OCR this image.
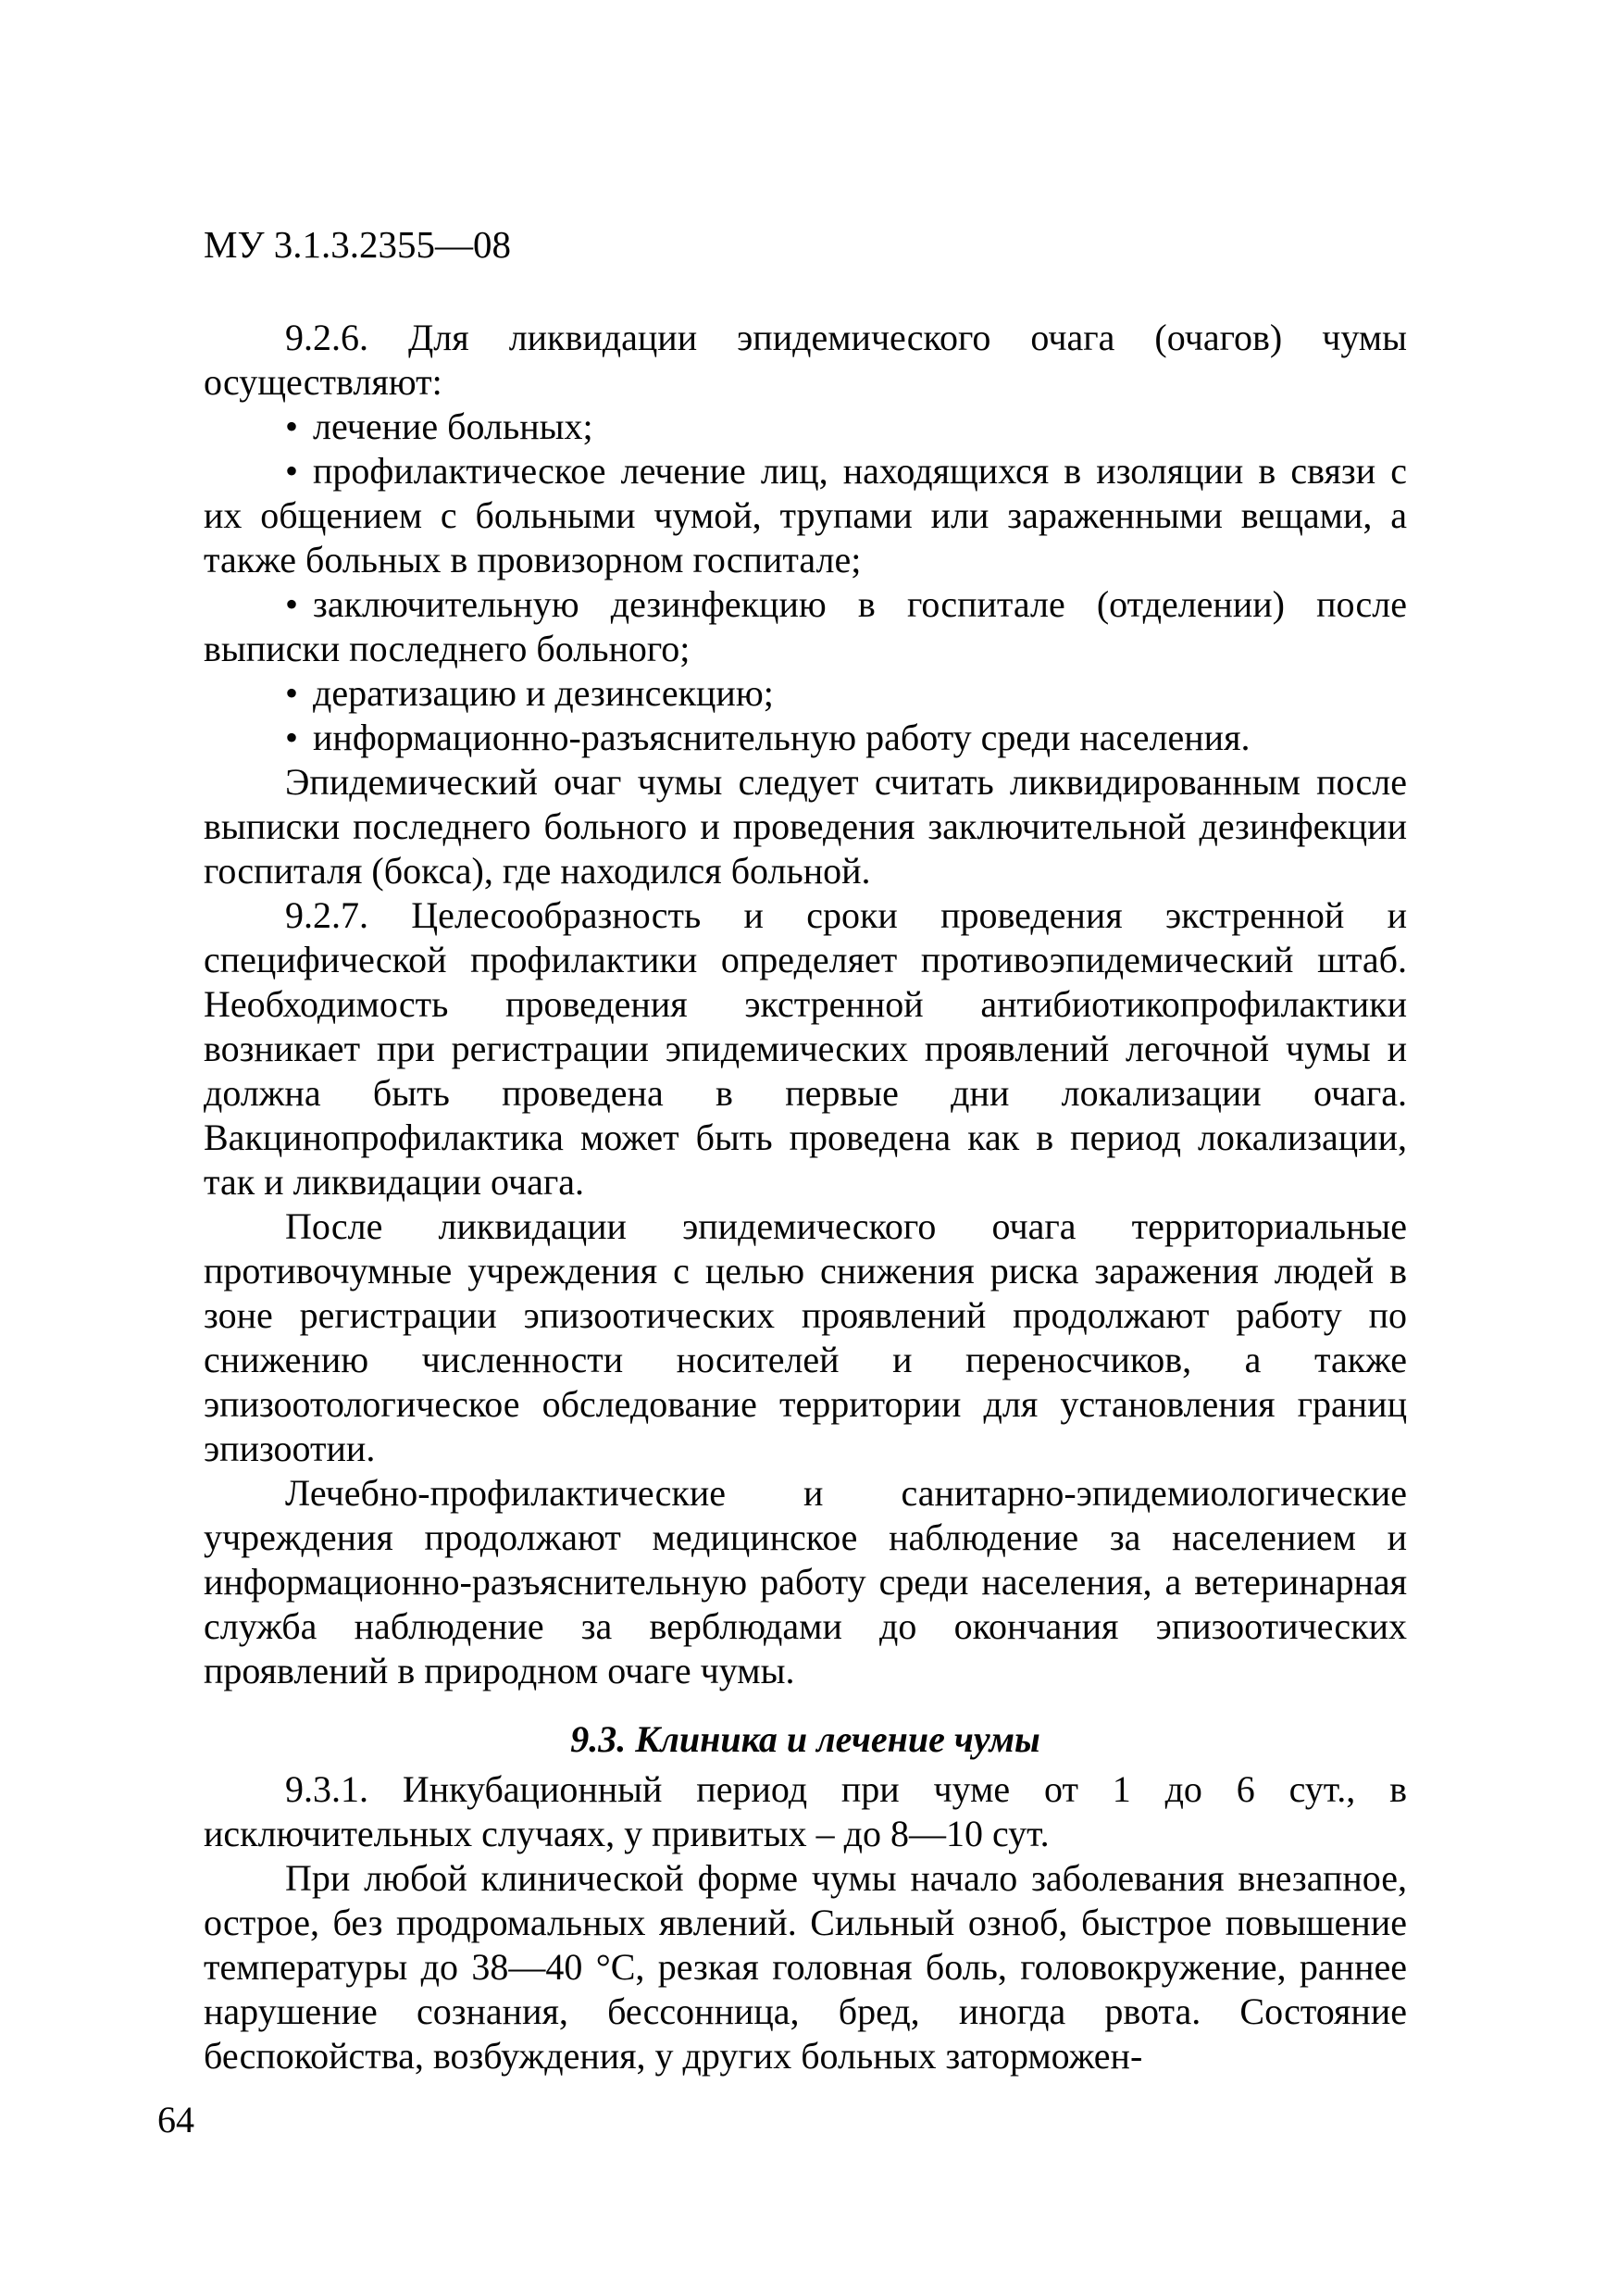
МУ 3.1.3.2355—08

9.2.6. Для ликвидации эпидемического очага (очагов) чумы осуществляют:

• лечение больных;

• профилактическое лечение лиц, находящихся в изоляции в связи с их общением с больными чумой, трупами или зараженными вещами, а также больных в провизорном госпитале;

• заключительную дезинфекцию в госпитале (отделении) после выписки последнего больного;

• дератизацию и дезинсекцию;

• информационно-разъяснительную работу среди населения.

Эпидемический очаг чумы следует считать ликвидированным после выписки последнего больного и проведения заключительной дезинфекции госпиталя (бокса), где находился больной.

9.2.7. Целесообразность и сроки проведения экстренной и специфической профилактики определяет противоэпидемический штаб. Необходимость проведения экстренной антибиотикопрофилактики возникает при регистрации эпидемических проявлений легочной чумы и должна быть проведена в первые дни локализации очага. Вакцинопрофилактика может быть проведена как в период локализации, так и ликвидации очага.

После ликвидации эпидемического очага территориальные противочумные учреждения с целью снижения риска заражения людей в зоне регистрации эпизоотических проявлений продолжают работу по снижению численности носителей и переносчиков, а также эпизоотологическое обследование территории для установления границ эпизоотии.

Лечебно-профилактические и санитарно-эпидемиологические учреждения продолжают медицинское наблюдение за населением и информационно-разъяснительную работу среди населения, а ветеринарная служба наблюдение за верблюдами до окончания эпизоотических проявлений в природном очаге чумы.

9.3. Клиника и лечение чумы

9.3.1. Инкубационный период при чуме от 1 до 6 сут., в исключительных случаях, у привитых – до 8—10 сут.

При любой клинической форме чумы начало заболевания внезапное, острое, без продромальных явлений. Сильный озноб, быстрое повышение температуры до 38—40 °С, резкая головная боль, головокружение, раннее нарушение сознания, бессонница, бред, иногда рвота. Состояние беспокойства, возбуждения, у других больных заторможен-

64
